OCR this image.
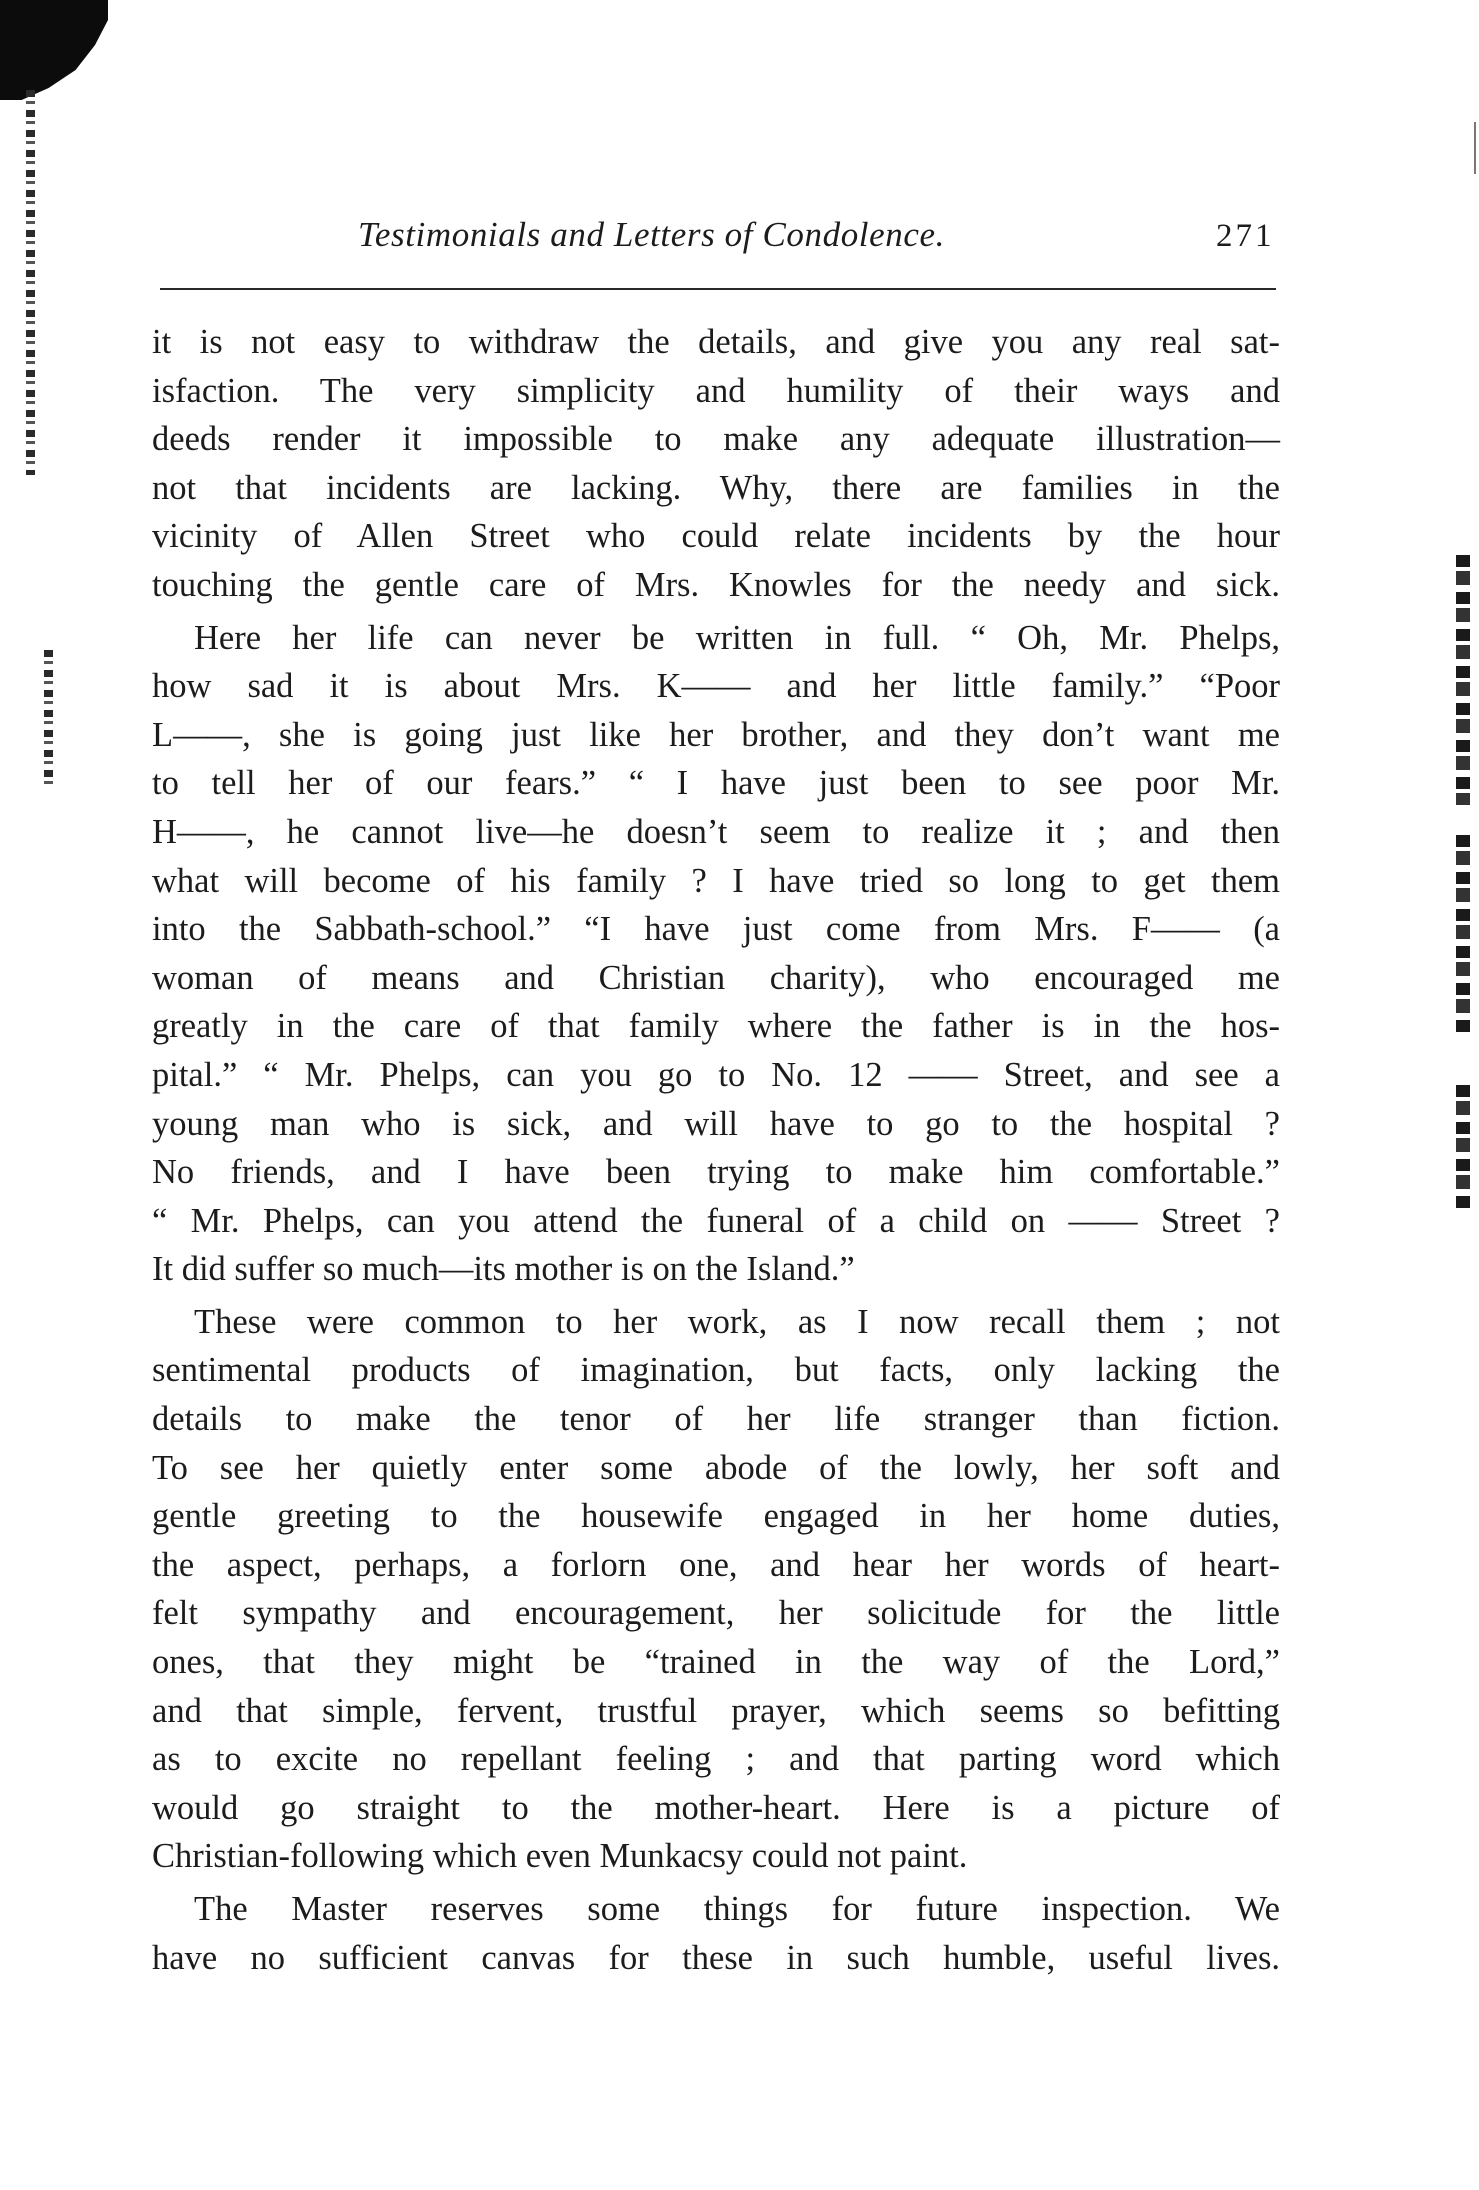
Testimonials and Letters of Condolence.	271
it is not easy to withdraw the details, and give you any real sat-
isfaction. The very simplicity and humility of their ways and
deeds render it impossible to make any adequate illustration—
not that incidents are lacking. Why, there are families in the
vicinity of Allen Street who could relate incidents by the hour
touching the gentle care of Mrs. Knowles for the needy and sick.
Here her life can never be written in full. “ Oh, Mr. Phelps,
how sad it is about Mrs. K—— and her little family.” “Poor
L——, she is going just like her brother, and they don’t want me
to tell her of our fears.” “ I have just been to see poor Mr.
H——, he cannot live—he doesn’t seem to realize it ; and then
what will become of his family ? I have tried so long to get them
into the Sabbath-school.” “I have just come from Mrs. F—— (a
woman of means and Christian charity), who encouraged me
greatly in the care of that family where the father is in the hos-
pital.” “ Mr. Phelps, can you go to No. 12 —— Street, and see a
young man who is sick, and will have to go to the hospital ?
No friends, and I have been trying to make him comfortable.”
“ Mr. Phelps, can you attend the funeral of a child on —— Street ?
It did suffer so much—its mother is on the Island.”
These were common to her work, as I now recall them ; not
sentimental products of imagination, but facts, only lacking the
details to make the tenor of her life stranger than fiction.
To see her quietly enter some abode of the lowly, her soft and
gentle greeting to the housewife engaged in her home duties,
the aspect, perhaps, a forlorn one, and hear her words of heart-
felt sympathy and encouragement, her solicitude for the little
ones, that they might be “trained in the way of the Lord,”
and that simple, fervent, trustful prayer, which seems so befitting
as to excite no repellant feeling ; and that parting word which
would go straight to the mother-heart. Here is a picture of
Christian-following which even Munkacsy could not paint.
The Master reserves some things for future inspection. We
have no sufficient canvas for these in such humble, useful lives.
